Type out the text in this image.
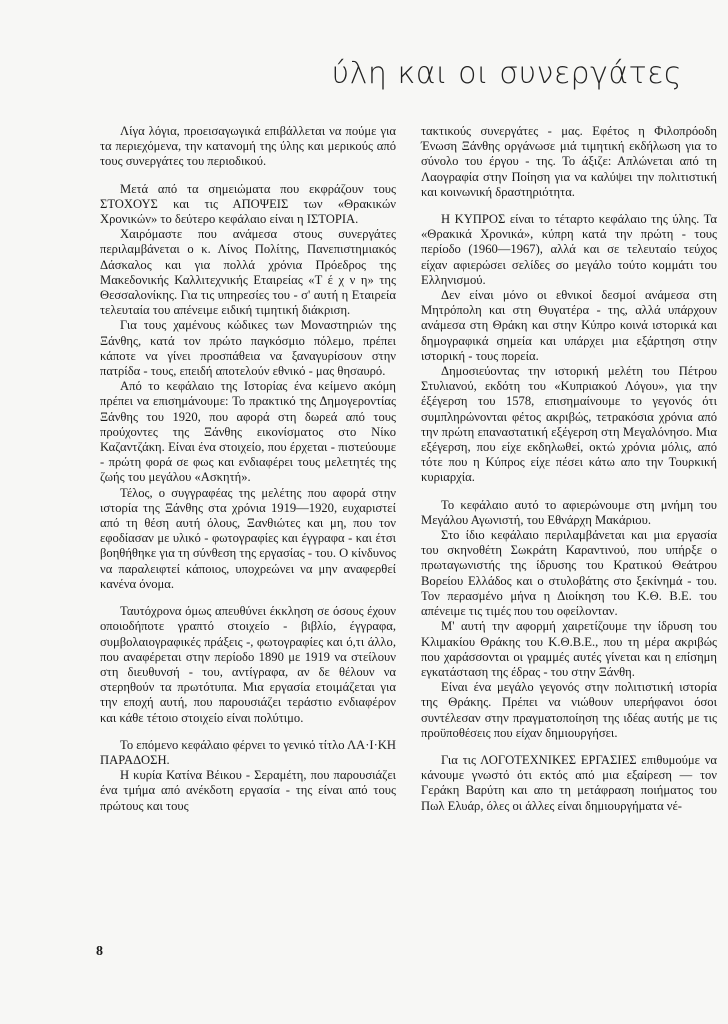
ύλη και οι συνεργάτες

Λίγα λόγια, προεισαγωγικά επιβάλλεται να πούμε για τα περιεχόμενα, την κατανομή της ύλης και μερικούς από τους συνεργάτες του περιοδικού.

Μετά από τα σημειώματα που εκφράζουν τους ΣΤΟΧΟΥΣ και τις ΑΠΟΨΕΙΣ των «Θρακικών Χρονικών» το δεύτερο κεφάλαιο είναι η ΙΣΤΟΡΙΑ.

Χαιρόμαστε που ανάμεσα στους συνεργάτες περιλαμβάνεται ο κ. Λίνος Πολίτης, Πανεπιστημιακός Δάσκαλος και για πολλά χρόνια Πρόεδρος της Μακεδονικής Καλλιτεχνικής Εταιρείας «Τ έ χ ν η» της Θεσσαλονίκης. Για τις υπηρεσίες του - σ' αυτή η Εταιρεία τελευταία του απένειμε ειδική τιμητική διάκριση.

Για τους χαμένους κώδικες των Μοναστηριών της Ξάνθης, κατά τον πρώτο παγκόσμιο πόλεμο, πρέπει κάποτε να γίνει προσπάθεια να ξαναγυρίσουν στην πατρίδα - τους, επειδή αποτελούν εθνικό - μας θησαυρό.

Από το κεφάλαιο της Ιστορίας ένα κείμενο ακόμη πρέπει να επισημάνουμε: Το πρακτικό της Δημογεροντίας Ξάνθης του 1920, που αφορά στη δωρεά από τους πρoύχοντες της Ξάνθης εικονίσματος στο Νίκο Καζαντζάκη. Είναι ένα στοιχείο, που έρχεται - πιστεύουμε - πρώτη φορά σε φως και ενδιαφέρει τους μελετητές της ζωής του μεγάλου «Ασκητή».

Τέλος, ο συγγραφέας της μελέτης που αφορά στην ιστορία της Ξάνθης στα χρόνια 1919—1920, ευχαριστεί από τη θέση αυτή όλους, Ξανθιώτες και μη, που τον εφοδίασαν με υλικό - φωτογραφίες και έγγραφα - και έτσι βοηθήθηκε για τη σύνθεση της εργασίας - του. Ο κίνδυνος να παραλειφτεί κάποιος, υποχρεώνει να μην αναφερθεί κανένα όνομα.

Ταυτόχρονα όμως απευθύνει έκκληση σε όσους έχουν οποιοδήποτε γραπτό στοιχείο - βιβλίο, έγγραφα, συμβολαιογραφικές πράξεις -, φωτογραφίες και ό,τι άλλο, που αναφέρεται στην περίοδο 1890 με 1919 να στείλουν στη διευθυνσή - του, αντίγραφα, αν δε θέλουν να στερηθούν τα πρωτότυπα. Μια εργασία ετοιμάζεται για την εποχή αυτή, που παρουσιάζει τεράστιο ενδιαφέρον και κάθε τέτοιο στοιχείο είναι πολύτιμο.

Το επόμενο κεφάλαιο φέρνει το γενικό τίτλο ΛΑ·Ι·ΚΗ ΠΑΡΑΔΟΣΗ.

Η κυρία Κατίνα Βέικου - Σεραμέτη, που παρουσιάζει ένα τμήμα από ανέκδοτη εργασία - της είναι από τους πρώτους και τους

τακτικούς συνεργάτες - μας. Εφέτος η Φιλοπρόοδη Ένωση Ξάνθης οργάνωσε μιά τιμητική εκδήλωση για το σύνολο του έργου - της. Το άξιζε: Απλώνεται από τη Λαογραφία στην Ποίηση για να καλύψει την πολιτιστική και κοινωνική δραστηριότητα.

Η ΚΥΠΡΟΣ είναι το τέταρτο κεφάλαιο της ύλης. Τα «Θρακικά Χρονικά», κύπρη κατά την πρώτη - τους περίοδο (1960—1967), αλλά και σε τελευταίο τεύχος είχαν αφιερώσει σελίδες σο μεγάλο τούτο κομμάτι του Ελληνισμού.

Δεν είναι μόνο οι εθνικοί δεσμοί ανάμεσα στη Μητρόπολη και στη Θυγατέρα - της, αλλά υπάρχουν ανάμεσα στη Θράκη και στην Κύπρο κοινά ιστορικά και δημογραφικά σημεία και υπάρχει μια εξάρτηση στην ιστορική - τους πορεία.

Δημοσιεύοντας την ιστορική μελέτη του Πέτρου Στυλιανού, εκδότη του «Κυπριακού Λόγου», για την έξέγερση του 1578, επισημαίνουμε το γεγονός ότι συμπληρώνονται φέτος ακριβώς, τετρακόσια χρόνια από την πρώτη επαναστατική εξέγερση στη Μεγαλόνησο. Μια εξέγερση, που είχε εκδηλωθεί, οκτώ χρόνια μόλις, από τότε που η Κύπρος είχε πέσει κάτω απο την Τουρκική κυριαρχία.

Το κεφάλαιο αυτό το αφιερώνουμε στη μνήμη του Μεγάλου Αγωνιστή, του Εθνάρχη Μακάριου.

Στο ίδιο κεφάλαιο περιλαμβάνεται και μια εργασία του σκηνοθέτη Σωκράτη Καραντινού, που υπήρξε ο πρωταγωνιστής της ίδρυσης του Κρατικού Θεάτρου Βορείου Ελλάδος και ο στυλοβάτης στο ξεκίνημά - του. Τον περασμένο μήνα η Διοίκηση του Κ.Θ. Β.Ε. του απένειμε τις τιμές που του οφείλονταν.

Μ' αυτή την αφορμή χαιρετίζουμε την ίδρυση του Κλιμακίου Θράκης του Κ.Θ.Β.Ε., που τη μέρα ακριβώς που χαράσσονται οι γραμμές αυτές γίνεται και η επίσημη εγκατάσταση της έδρας - του στην Ξάνθη.

Είναι ένα μεγάλο γεγονός στην πολιτιστική ιστορία της Θράκης. Πρέπει να νιώθουν υπερήφανοι όσοι συντέλεσαν στην πραγματοποίηση της ιδέας αυτής με τις προϋποθέσεις που είχαν δημιουργήσει.

Για τις ΛΟΓΟΤΕΧΝΙΚΕΣ ΕΡΓΑΣΙΕΣ επιθυμούμε να κάνουμε γνωστό ότι εκτός από μια εξαίρεση — τον Γεράκη Βαρύτη και απο τη μετάφραση ποιήματος του Πωλ Ελυάρ, όλες οι άλλες είναι δημιουργήματα νέ-

8
